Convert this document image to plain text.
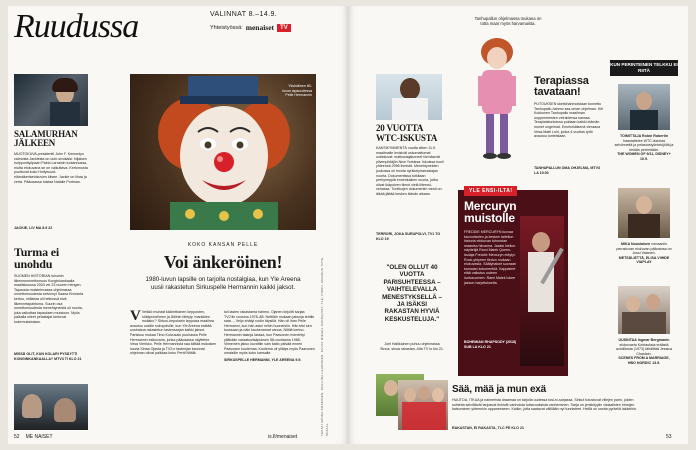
Ruudussa
SALAMURHAN
JÄLKEEN
MUOTOKUVA presidentti John F. Kennedyn vaimosta Jackiesta on outo sivukaisi: hiljaisen huippuntiyöpaari Pablo Larrainin tuotannossa, mutta elokuvana se on vaikuttava. Kertomusta puuttuvat koko Hollywood-elämäkertaelokuvien klisee. Jackie on lihaa ja verta. Pääosassa loistaa Natalie Portman.
JACKIE, LIV MA 8.9 22
Turma ei
unohdu
SUOMEN HISTORIAN tuhoisin liikenneonnettomuus Konginkankaalla maaliskuussa 2004 vei 23 nuoren hengen. Tapausta muistelevassa ohjelmassa onnettomuudesta selvinnyt Saana Kiviranta kertoo, millaista oli hetkessä elvä liikennetapahtuma. Suurin osa onnettomuudesta menehtyneistä oli nuoria, joka vaikuttaa tapauksen muistoon. Myös paikalla olleet pelastajat kertovat kokemuksistaan.
MISSÄ OLIT, KUN KOLARI PYSÄYTTI KONGINKANKAALLA? MTV3 TI KLO 21
VALINNAT 8.–14.9.
Yhteistyössä: menaiset	TV
Yksinäinen 80-luvun lapsuudessa Pelle Hermannin
KOKO KANSAN PELLE
Voi änkeröinen!
1980-luvun lapsille on tarjolla nostalgiaa, kun Yle Areena uusii rakastetun Sirkuspelle Hermannin kaikki jaksot.
V Veikkö muistat käämittoinen kepposten, nökkpuhelimen ja Äitiinin lähtyip 'mankkien mullako'? Sirkus-hepokarin leppoisa maailma avautuu uusille sukupolville, kun Yle Areena esittää uusintana rakastetun lastensarjan kaikki jaksot. Pariskuu mukaa Timo Kolvusalo puuhassa Pelle Hermannin esikuvana, jonka pääosassa näyttelee Vesa Vierikko. Pelle Hermannista saa kiittää esikoisen luovia Sinaa Ojasta ja TV2:n tastenjan kaunnat ohjelman olivat palkkaa kohu Pertti Nittilä.
tuli lasten rakastama hahmo. Ojanen kirjoitti sarjaa TV2:lle vuosina 1978–88. Nettilän mukaan jaksoja tehtiin sata. – Veijo ehätyi roolin täysillä. Hän oli ihan Pelle Hermanni, kun hän astui mihin huoneisiin. Hän teki sen tuossaan ja näki kauhenamat vanoa, Nittilä kertoo. Hermannin taianja lasssa, kun Paavonen menehtyi ylläkään varaatuslisäpuksen 58-vuotiaana 1988. Viimeinen jakso kuvattiin vain katto päivää ennen Paavosen kuolemaa. Kuolema oli yllätys myös Paavosen omaisille myös koko kansalle.
SIRKUSPELLE HERMANNI, YLE AREENA 9.9.	TEKSTI MINNA KOSKINEN, PAULIINA LEHKONEN, KUVAT MIKAEL SANDQVIST, YLE, PIKKU, MAGNUS TOYE SOCIAL
52 ME NAISET
Tanhupallun ohjelmassa mukana on totta maar myös harvamaista.
20 VUOTTA
WTC-ISKUSTA
KAKSIKYMMENTÄ vuotta sitten 11.9. maailmalle levisivät uskomattomat uutiskuvat: matkustajakoneet törmäsivät pilvenpiirtäjiin New Yorkissa. Iskuissa kuoli yhteensä 2996 ihmistä. Menehtyneiden joukossa oli monta nyrkkelyharrastajan nuorta. Dokumentissa tutkitaan perhyneppiä ennenkaiken nuoria, jotka olivat ikäpolven tiimot vielä liiterosi-vehassa. Tuntikojen dokumentin viesti on: älkää jättää kesken ikävän aikaan.
TERRORI, JOKA SURUPOLVI, TV1 TO KLO 19
"OLEN OLLUT 40 VUOTTA PARISUHTEESSA – VAIHTELEVALLA MENESTYKSELLÄ – JA ISÄKSI RAKASTAN HYVIÄ KESKUSTELUJA."
Joel Hallikainen puhuu ohjelmassa Sinua, sinua rakastan, Alfa TV to klo 21.
Terapiassa
tavataan!
PUTOUKSEN sketsihahmoistaan tunnettu Tanhupallu-hahmo saa oman ohjelman. Kiti Kokkonen Tanhupallu maailman ooppermiesten veiraidensa kanssa. Terapiaistuntoissa puidaan kaikki elämän monet ongelmat. Ensimmäisenä vieraana Vesa-Matti Loiri, jonka 4-vuotias tyttö avautuu tunteistaan.
TANHUPALLUN OMA OHJELMA, MTV3 LA 19.00
YLE ENSI-ILTA!
Mercuryn
muistolle
FREDDIE MERCURYN luovaa kaunottarien ja kesken taiteilun historia elokuvan tuhorotan maanisa hiivanna. Jaaksi kiellon näyttelijä Rami Malek Queen-laulaja Freddie Mercuryn eläytyi. Rock-yhtyeen tiedon mukaan elokuvasta. Säätyhaiset suoraan kamalan kokoneetöä. Kappaleet elää vaikutus uuteen luotosuomen. Rami Malek lukee jakson harjoitukselta.
BOHEMIAN RHAPSODY (2018) SUB LA KLO 21
Sää, mää ja mun exä
HUUTOA, ITKUA ja naimerista draamaa on tarjolla uudessa tosi-tv-sarjassa. Sinkut tutustuvat villejen parin, joiden suhteita selvittävät tarjoavat tinkivät vanhoista tuttavuuksista vanheminen. Sarja on jenkkityylin visiaalisten hintojen katsominen yhteenkin oppaneeseen. Kaikin, jotta saatavat välillään nyt tunnisteet. Heillä on useita pyrkeliä lakkeihin.
RAKASTAN, EI RAKASTA, TLC PE KLO 21
KUN PERINTEINEN TELKKU EI RIITÄ
TOIMITTAJA Robin Robertin haastattelee WTC-iskuista selviinneitä ja pelastustyöntekijöitä ja heidän perheitään.
THE WOMEN OF 9/11, DISNEY+ 10.9.
MIKA Nousiaisen romaaniin perustuvan elokuvan pääosissa on Jussi Vatanen.
METSÄLIETTÄ, ELISA VIIHDE VIAPLAY
UUSINTAA Ingmar Bergmanin elokuvasta Kohtauksia eräästä avioliitosta (1973) tähdittää Jessica Chastain.
SCENES FROM A MARRIAGE, HBO NORDIC 13.9.
53
is.fi/menaiset
